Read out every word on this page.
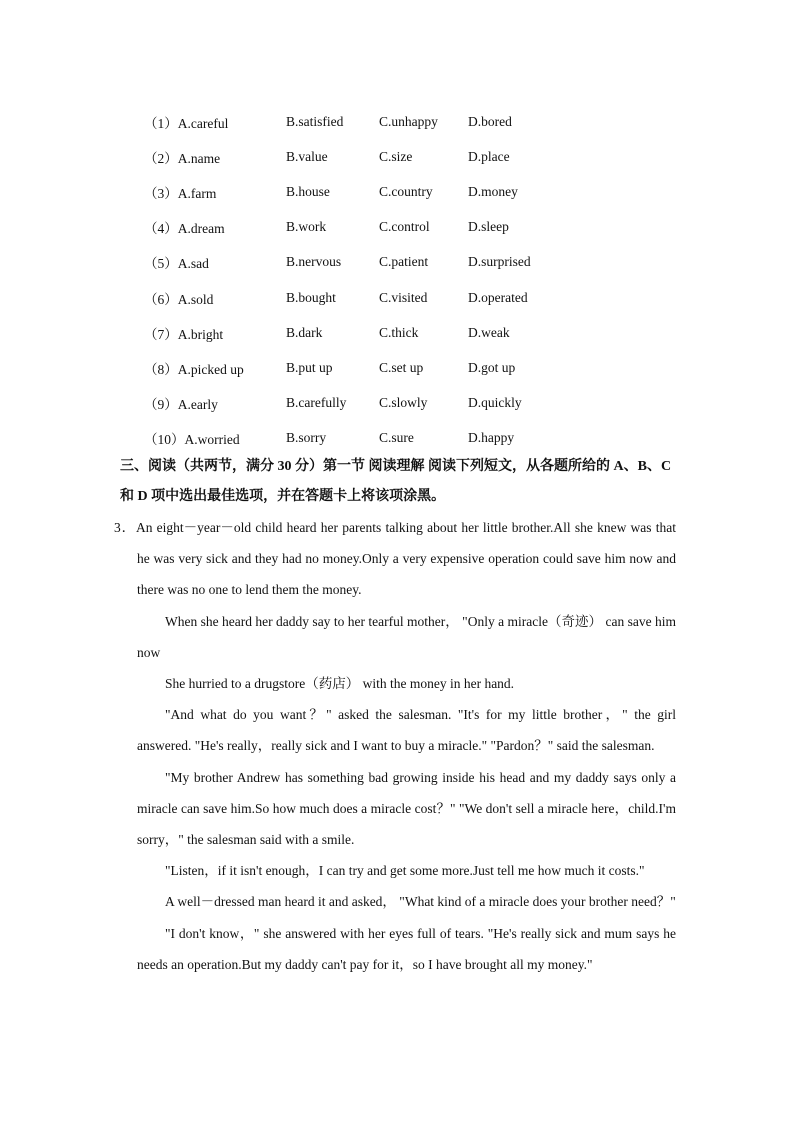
（1）A.careful	B.satisfied	C.unhappy	D.bored
（2）A.name	B.value	C.size	D.place
（3）A.farm	B.house	C.country	D.money
（4）A.dream	B.work	C.control	D.sleep
（5）A.sad	B.nervous	C.patient	D.surprised
（6）A.sold	B.bought	C.visited	D.operated
（7）A.bright	B.dark	C.thick	D.weak
（8）A.picked up	B.put up	C.set up	D.got up
（9）A.early	B.carefully	C.slowly	D.quickly
（10）A.worried	B.sorry	C.sure	D.happy
三、阅读（共两节，满分 30 分）第一节 阅读理解 阅读下列短文，从各题所给的 A、B、C 和 D 项中选出最佳选项，并在答题卡上将该项涂黑。

3．An eight－year－old child heard her parents talking about her little brother.All she knew was that he was very sick and they had no money.Only a very expensive operation could save him now and there was no one to lend them the money.

When she heard her daddy say to her tearful mother， "Only a miracle（奇迹） can save him now

She hurried to a drugstore（药店） with the money in her hand.

"And what do you want？" asked the salesman. "It's for my little brother，" the girl answered. "He's really，really sick and I want to buy a miracle." "Pardon？" said the salesman.

"My brother Andrew has something bad growing inside his head and my daddy says only a miracle can save him.So how much does a miracle cost？" "We don't sell a miracle here，child.I'm sorry，" the salesman said with a smile.

"Listen，if it isn't enough，I can try and get some more.Just tell me how much it costs."

A well－dressed man heard it and asked， "What kind of a miracle does your brother need？"

"I don't know，" she answered with her eyes full of tears. "He's really sick and mum says he needs an operation.But my daddy can't pay for it，so I have brought all my money."
